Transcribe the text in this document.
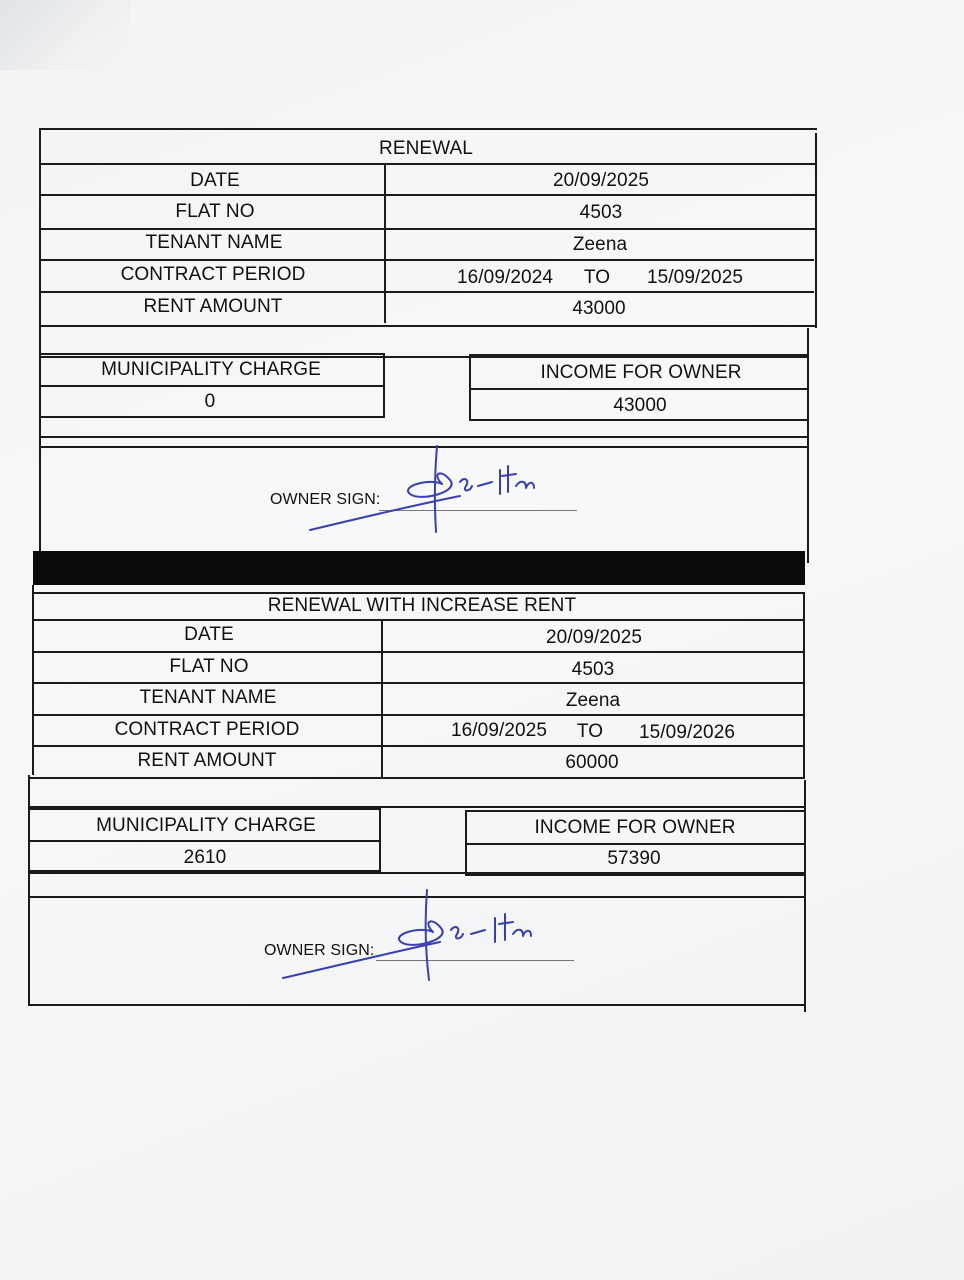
RENEWAL
DATE
FLAT NO
TENANT NAME
CONTRACT PERIOD
RENT AMOUNT
20/09/2025
4503
Zeena
16/09/2024 TO 15/09/2025
43000
MUNICIPALITY CHARGE
0
INCOME FOR OWNER
43000
OWNER SIGN:
RENEWAL WITH INCREASE RENT
DATE
FLAT NO
TENANT NAME
CONTRACT PERIOD
RENT AMOUNT
20/09/2025
4503
Zeena
16/09/2025 TO 15/09/2026
60000
MUNICIPALITY CHARGE
2610
INCOME FOR OWNER
57390
OWNER SIGN:
